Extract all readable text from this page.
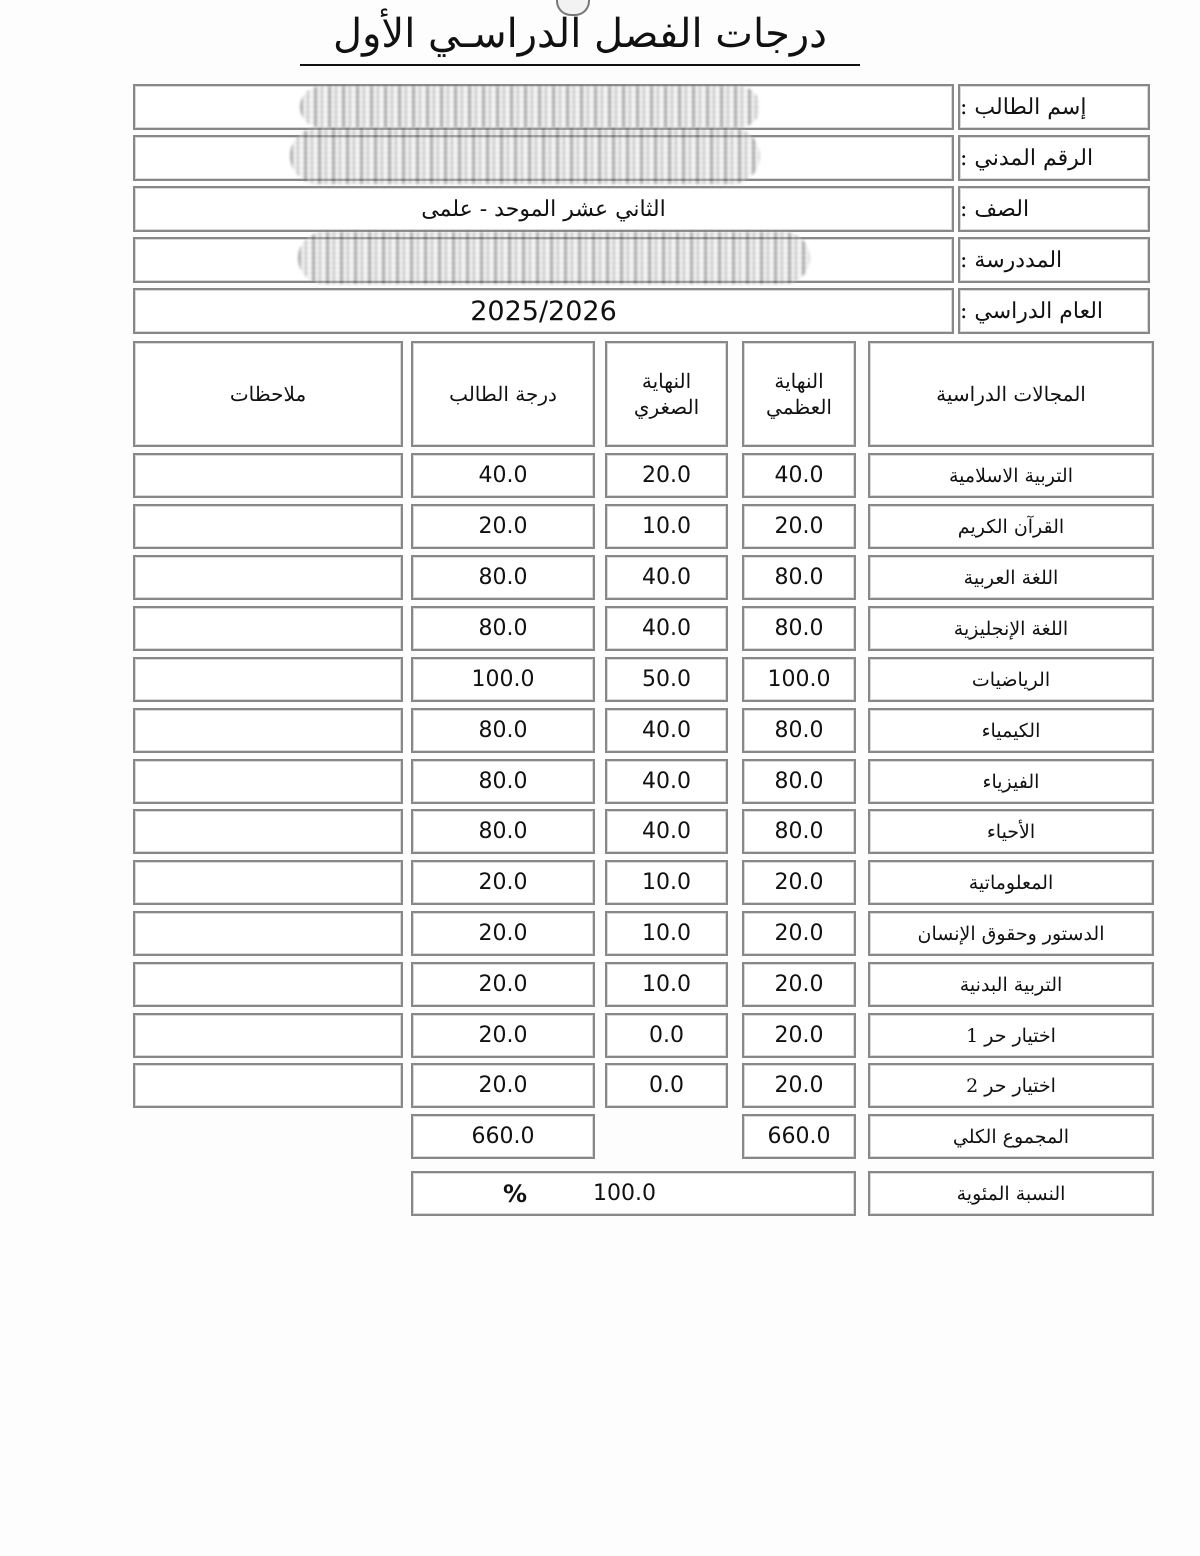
درجات الفصل الدراسـي الأول
إسم الطالب :
الرقم المدني :
الصف :
الثاني عشر الموحد - علمى
المددرسة :
العام الدراسي :
2025/2026
المجالات الدراسية
النهاية
العظمي
النهاية
الصغري
درجة الطالب
ملاحظات
التربية الاسلامية
40.0
20.0
40.0
القرآن الكريم
20.0
10.0
20.0
اللغة العربية
80.0
40.0
80.0
اللغة الإنجليزية
80.0
40.0
80.0
الرياضيات
100.0
50.0
100.0
الكيمياء
80.0
40.0
80.0
الفيزياء
80.0
40.0
80.0
الأحياء
80.0
40.0
80.0
المعلوماتية
20.0
10.0
20.0
الدستور وحقوق الإنسان
20.0
10.0
20.0
التربية البدنية
20.0
10.0
20.0
اختيار حر 1
20.0
0.0
20.0
اختيار حر 2
20.0
0.0
20.0
المجموع الكلي
660.0
660.0
النسبة المئوية
100.0
%
